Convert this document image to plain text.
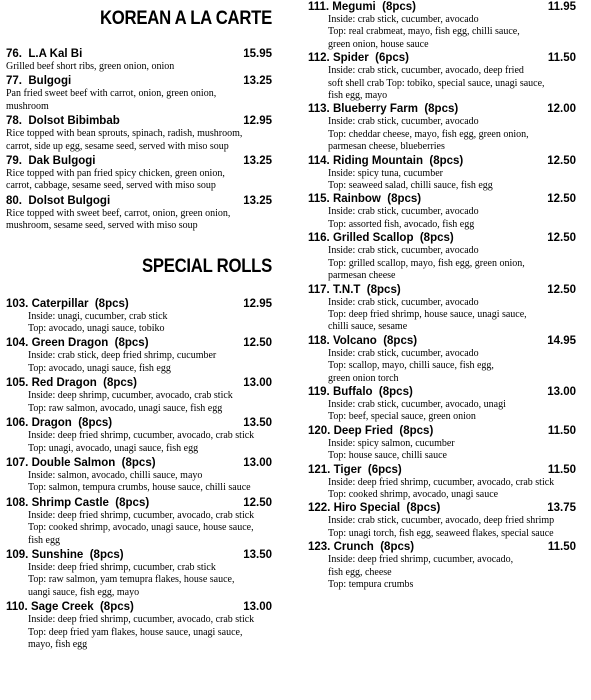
KOREAN A LA CARTE
76.  L.A Kal Bi	15.95
Grilled beef short ribs, green onion, onion
77.  Bulgogi	13.25
Pan fried sweet beef with carrot, onion, green onion,
mushroom
78.  Dolsot Bibimbab	12.95
Rice topped with bean sprouts, spinach, radish, mushroom,
carrot, side up egg, sesame seed, served with miso soup
79.  Dak Bulgogi	13.25
Rice topped with pan fried spicy chicken, green onion,
carrot, cabbage, sesame seed, served with miso soup
80.  Dolsot Bulgogi	13.25
Rice topped with sweet beef, carrot, onion, green onion,
mushroom, sesame seed, served with miso soup
SPECIAL ROLLS
103. Caterpillar  (8pcs)	12.95
Inside: unagi, cucumber, crab stick
Top: avocado, unagi sauce, tobiko
104. Green Dragon  (8pcs)	12.50
Inside: crab stick, deep fried shrimp, cucumber
Top: avocado, unagi sauce, fish egg
105. Red Dragon  (8pcs)	13.00
Inside: deep shrimp, cucumber, avocado, crab stick
Top: raw salmon, avocado, unagi sauce, fish egg
106. Dragon  (8pcs)	13.50
Inside: deep fried shrimp, cucumber, avocado, crab stick
Top: unagi, avocado, unagi sauce, fish egg
107. Double Salmon  (8pcs)	13.00
Inside: salmon, avocado, chilli sauce, mayo
Top: salmon, tempura crumbs, house sauce, chilli sauce
108. Shrimp Castle  (8pcs)	12.50
Inside: deep fried shrimp, cucumber, avocado, crab stick
Top: cooked shrimp, avocado, unagi sauce, house sauce,
fish egg
109. Sunshine  (8pcs)	13.50
Inside: deep fried shrimp, cucumber, crab stick
Top: raw salmon, yam temupra flakes, house sauce,
uangi sauce, fish egg, mayo
110. Sage Creek  (8pcs)	13.00
Inside: deep fried shrimp, cucumber, avocado, crab stick
Top: deep fried yam flakes, house sauce, unagi sauce,
mayo, fish egg
111. Megumi  (8pcs)	11.95
Inside: crab stick, cucumber, avocado
Top: real crabmeat, mayo, fish egg, chilli sauce,
green onion, house sauce
112. Spider  (6pcs)	11.50
Inside: crab stick, cucumber, avocado, deep fried
soft shell crab Top: tobiko, special sauce, unagi sauce,
fish egg, mayo
113. Blueberry Farm  (8pcs)	12.00
Inside: crab stick, cucumber, avocado
Top: cheddar cheese, mayo, fish egg, green onion,
parmesan cheese, blueberries
114. Riding Mountain  (8pcs)	12.50
Inside: spicy tuna, cucumber
Top: seaweed salad, chilli sauce, fish egg
115. Rainbow  (8pcs)	12.50
Inside: crab stick, cucumber, avocado
Top: assorted fish, avocado, fish egg
116. Grilled Scallop  (8pcs)	12.50
Inside: crab stick, cucumber, avocado
Top: grilled scallop, mayo, fish egg, green onion,
parmesan cheese
117. T.N.T  (8pcs)	12.50
Inside: crab stick, cucumber, avocado
Top: deep fried shrimp, house sauce, unagi sauce,
chilli sauce, sesame
118. Volcano  (8pcs)	14.95
Inside: crab stick, cucumber, avocado
Top: scallop, mayo, chilli sauce, fish egg,
green onion torch
119. Buffalo  (8pcs)	13.00
Inside: crab stick, cucumber, avocado, unagi
Top: beef, special sauce, green onion
120. Deep Fried  (8pcs)	11.50
Inside: spicy salmon, cucumber
Top: house sauce, chilli sauce
121. Tiger  (6pcs)	11.50
Inside: deep fried shrimp, cucumber, avocado, crab stick
Top: cooked shrimp, avocado, unagi sauce
122. Hiro Special  (8pcs)	13.75
Inside: crab stick, cucumber, avocado, deep fried shrimp
Top: unagi torch, fish egg, seaweed flakes, special sauce
123. Crunch  (8pcs)	11.50
Inside: deep fried shrimp, cucumber, avocado,
fish egg, cheese
Top: tempura crumbs
